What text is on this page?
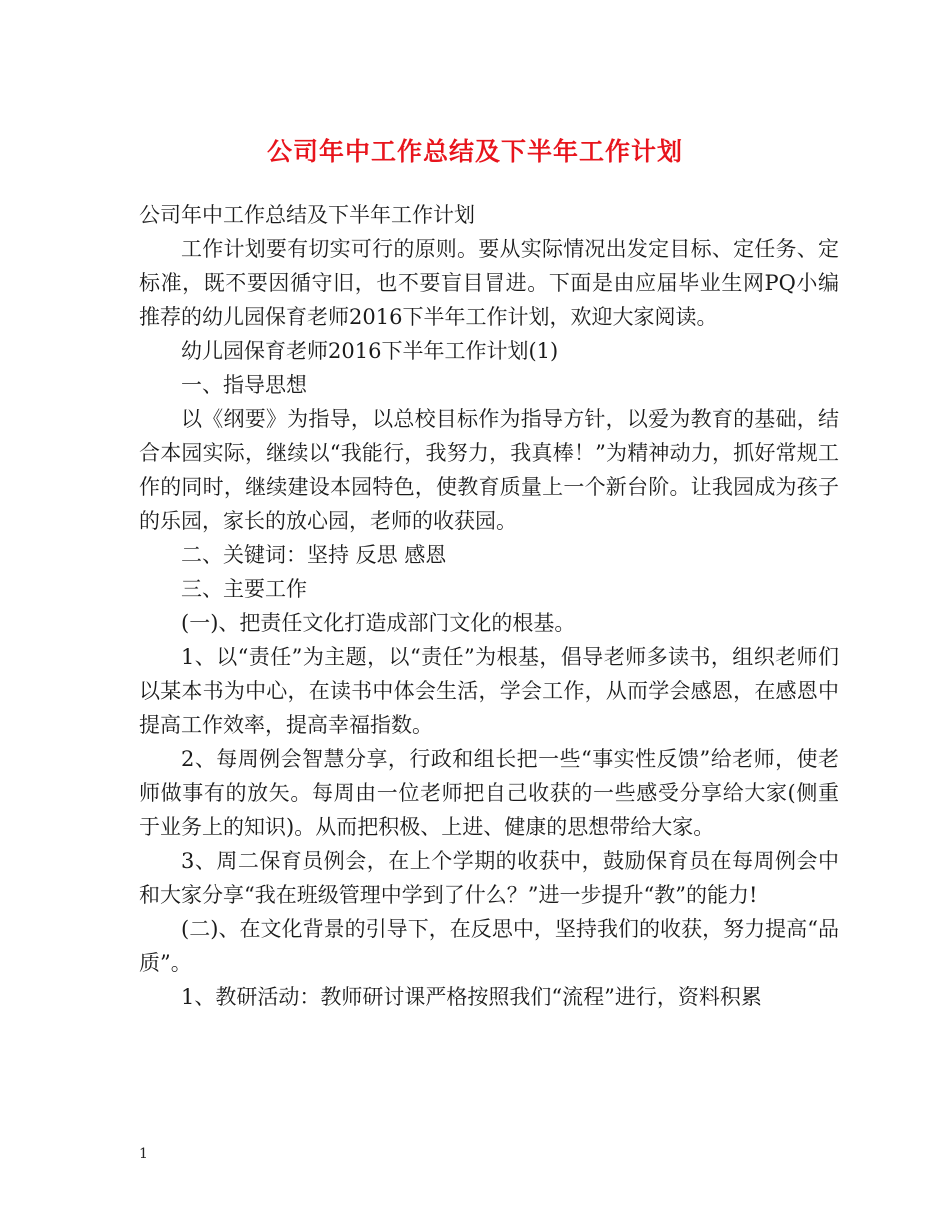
公司年中工作总结及下半年工作计划

公司年中工作总结及下半年工作计划

工作计划要有切实可行的原则。要从实际情况出发定目标、定任务、定标准，既不要因循守旧，也不要盲目冒进。下面是由应届毕业生网PQ小编推荐的幼儿园保育老师2016下半年工作计划，欢迎大家阅读。

幼儿园保育老师2016下半年工作计划(1)

一、指导思想

以《纲要》为指导，以总校目标作为指导方针，以爱为教育的基础，结合本园实际，继续以“我能行，我努力，我真棒！”为精神动力，抓好常规工作的同时，继续建设本园特色，使教育质量上一个新台阶。让我园成为孩子的乐园，家长的放心园，老师的收获园。

二、关键词：坚持 反思 感恩

三、主要工作

(一)、把责任文化打造成部门文化的根基。

1、以“责任”为主题，以“责任”为根基，倡导老师多读书，组织老师们以某本书为中心，在读书中体会生活，学会工作，从而学会感恩，在感恩中提高工作效率，提高幸福指数。

2、每周例会智慧分享，行政和组长把一些“事实性反馈”给老师，使老师做事有的放矢。每周由一位老师把自己收获的一些感受分享给大家(侧重于业务上的知识)。从而把积极、上进、健康的思想带给大家。

3、周二保育员例会，在上个学期的收获中，鼓励保育员在每周例会中和大家分享“我在班级管理中学到了什么？”进一步提升“教”的能力!

(二)、在文化背景的引导下，在反思中，坚持我们的收获，努力提高“品质”。

1、教研活动：教师研讨课严格按照我们“流程”进行，资料积累

1
